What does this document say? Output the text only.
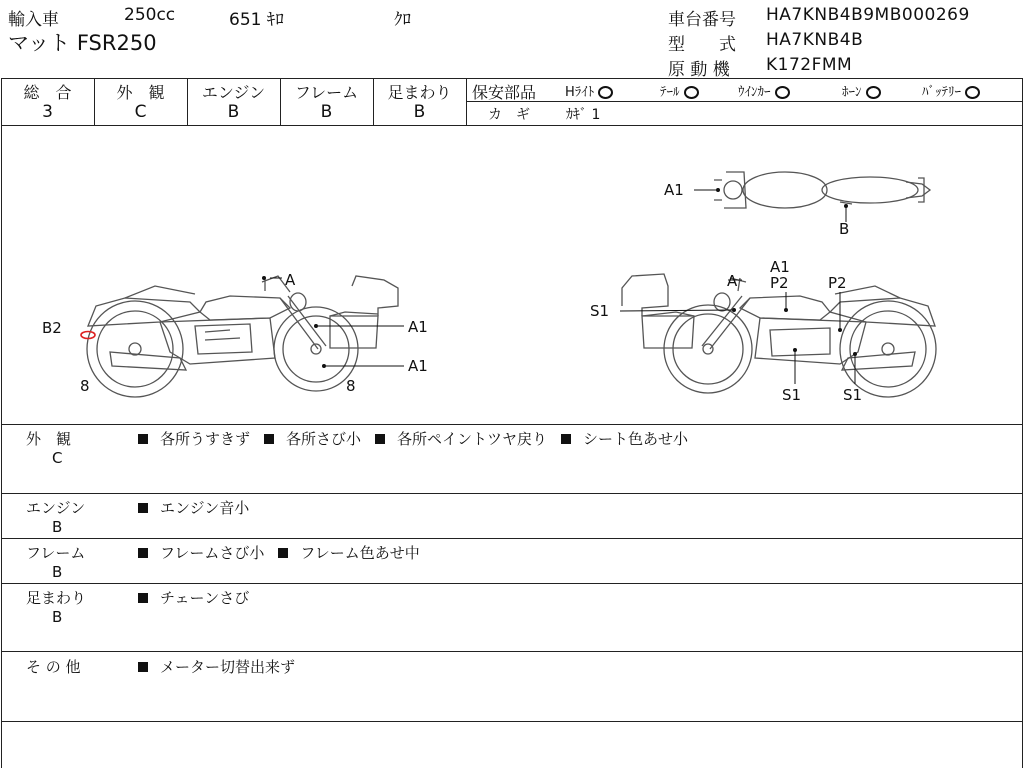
輸入車	250cc	651 ｷﾛ	ｸﾛ
マット FSR250
車台番号 HA7KNB4B9MB000269
型　　式 HA7KNB4B
原 動 機 K172FMM
総　合
3
外　観
C
エンジン
B
フレーム
B
足まわり
B
保安部品 Hﾗｲﾄ	ﾃｰﾙ	ｳｲﾝｶｰ	ﾎｰﾝ	ﾊﾞｯﾃﾘｰ
カ　ギ	ｶｷﾞ 1
A
A1
A1
B2
8	8
S1
A
A1
P2	P2
S1	S1
A1
B
外　観
C
各所うすきず 各所さび小 各所ペイントツヤ戻り シート色あせ小
エンジン
B
エンジン音小
フレーム
B
フレームさび小 フレーム色あせ中
足まわり
B
チェーンさび
そ の 他	メーター切替出来ず
